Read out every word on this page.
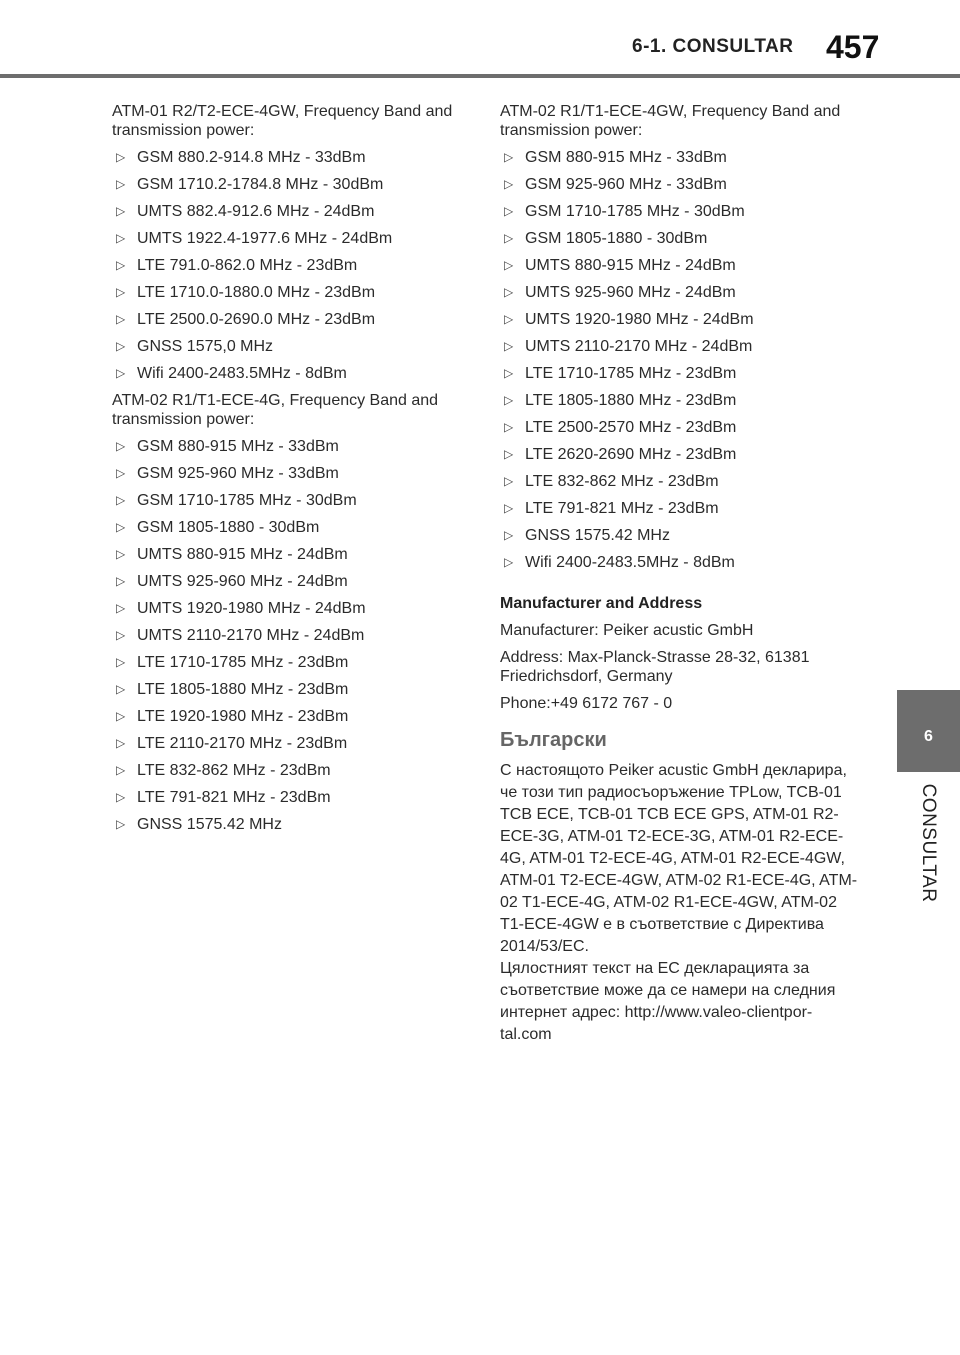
6-1. CONSULTAR 457

ATM-01 R2/T2-ECE-4GW, Frequency Band and transmission power:

▷ GSM 880.2-914.8 MHz - 33dBm
▷ GSM 1710.2-1784.8 MHz - 30dBm
▷ UMTS 882.4-912.6 MHz - 24dBm
▷ UMTS 1922.4-1977.6 MHz - 24dBm
▷ LTE 791.0-862.0 MHz - 23dBm
▷ LTE 1710.0-1880.0 MHz - 23dBm
▷ LTE 2500.0-2690.0 MHz - 23dBm
▷ GNSS 1575,0 MHz
▷ Wifi 2400-2483.5MHz - 8dBm

ATM-02 R1/T1-ECE-4G, Frequency Band and transmission power:

▷ GSM 880-915 MHz - 33dBm
▷ GSM 925-960 MHz - 33dBm
▷ GSM 1710-1785 MHz - 30dBm
▷ GSM 1805-1880 - 30dBm
▷ UMTS 880-915 MHz - 24dBm
▷ UMTS 925-960 MHz - 24dBm
▷ UMTS 1920-1980 MHz - 24dBm
▷ UMTS 2110-2170 MHz - 24dBm
▷ LTE 1710-1785 MHz - 23dBm
▷ LTE 1805-1880 MHz - 23dBm
▷ LTE 1920-1980 MHz - 23dBm
▷ LTE 2110-2170 MHz - 23dBm
▷ LTE 832-862 MHz - 23dBm
▷ LTE 791-821 MHz - 23dBm
▷ GNSS 1575.42 MHz

ATM-02 R1/T1-ECE-4GW, Frequency Band and transmission power:

▷ GSM 880-915 MHz - 33dBm
▷ GSM 925-960 MHz - 33dBm
▷ GSM 1710-1785 MHz - 30dBm
▷ GSM 1805-1880 - 30dBm
▷ UMTS 880-915 MHz - 24dBm
▷ UMTS 925-960 MHz - 24dBm
▷ UMTS 1920-1980 MHz - 24dBm
▷ UMTS 2110-2170 MHz - 24dBm
▷ LTE 1710-1785 MHz - 23dBm
▷ LTE 1805-1880 MHz - 23dBm
▷ LTE 2500-2570 MHz - 23dBm
▷ LTE 2620-2690 MHz - 23dBm
▷ LTE 832-862 MHz - 23dBm
▷ LTE 791-821 MHz - 23dBm
▷ GNSS 1575.42 MHz
▷ Wifi 2400-2483.5MHz - 8dBm
Manufacturer and Address

Manufacturer: Peiker acustic GmbH

Address: Max-Planck-Strasse 28-32, 61381 Friedrichsdorf, Germany

Phone:+49 6172 767 - 0

Български

С настоящото Peiker acustic GmbH декларира, че този тип радиосъоръжение TPLow, TCB-01 TCB ECE, TCB-01 TCB ECE GPS, ATM-01 R2-ECE-3G, ATM-01 T2-ECE-3G, ATM-01 R2-ECE-4G, ATM-01 T2-ECE-4G, ATM-01 R2-ECE-4GW, ATM-01 T2-ECE-4GW, ATM-02 R1-ECE-4G, ATM-02 T1-ECE-4G, ATM-02 R1-ECE-4GW, ATM-02 T1-ECE-4GW е в съответствие с Директива 2014/53/ЕС.

Цялостният текст на ЕС декларацията за съответствие може да се намери на следния интернет адрес: http://www.valeo-clientpor-tal.com

6
CONSULTAR
